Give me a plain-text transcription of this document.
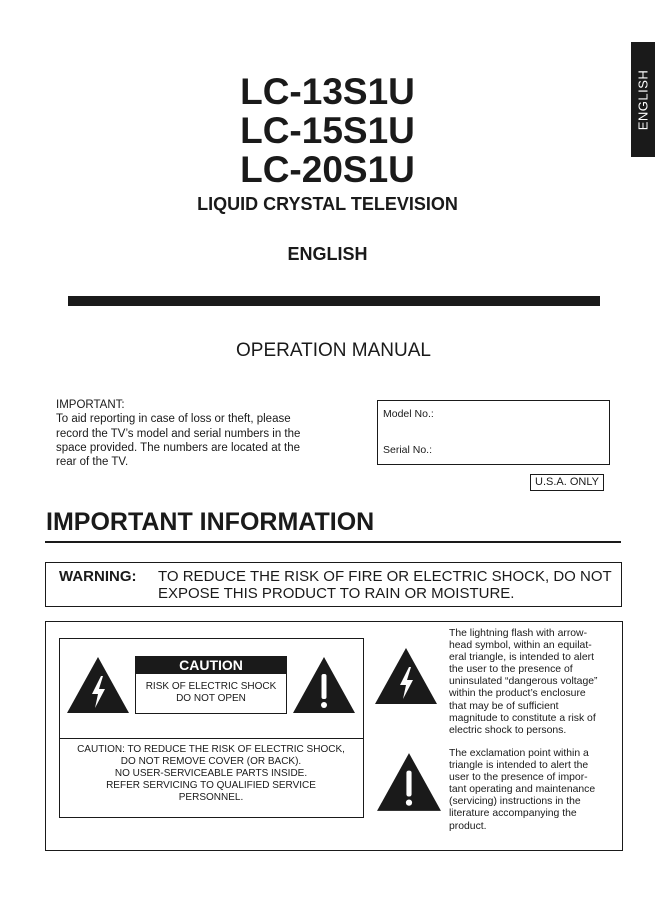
ENGLISH
LC-13S1U
LC-15S1U
LC-20S1U
LIQUID CRYSTAL TELEVISION
ENGLISH
OPERATION MANUAL
IMPORTANT:
To aid reporting in case of loss or theft, please
record the TV’s model and serial numbers in the
space provided. The numbers are located at the
rear of the TV.
Model No.:
Serial No.:
U.S.A. ONLY
IMPORTANT INFORMATION
WARNING: TO REDUCE THE RISK OF FIRE OR ELECTRIC SHOCK, DO NOT EXPOSE THIS PRODUCT TO RAIN OR MOISTURE.
CAUTION
RISK OF ELECTRIC SHOCK
DO NOT OPEN
CAUTION: TO REDUCE THE RISK OF ELECTRIC SHOCK,
DO NOT REMOVE COVER (OR BACK).
NO USER-SERVICEABLE PARTS INSIDE.
REFER SERVICING TO QUALIFIED SERVICE
PERSONNEL.
The lightning flash with arrow-
head symbol, within an equilat-
eral triangle, is intended to alert
the user to the presence of
uninsulated “dangerous voltage”
within the product’s enclosure
that may be of sufficient
magnitude to constitute a risk of
electric shock to persons.
The exclamation point within a
triangle is intended to alert the
user to the presence of impor-
tant operating and maintenance
(servicing) instructions in the
literature accompanying the
product.
